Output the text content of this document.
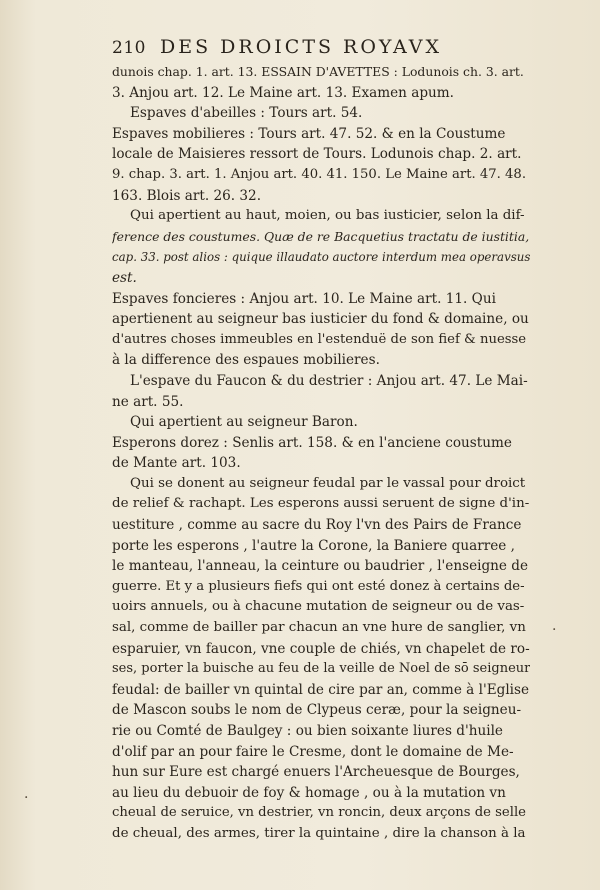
210 DES DROICTS ROYAVX
dunois chap. 1. art. 13. ESSAIN D'AVETTES : Lodunois ch. 3. art.
3. Anjou art. 12. Le Maine art. 13. Examen apum.
Espaves d'abeilles : Tours art. 54.
Espaves mobilieres : Tours art. 47. 52. & en la Coustume
locale de Maisieres ressort de Tours. Lodunois chap. 2. art.
9. chap. 3. art. 1. Anjou art. 40. 41. 150. Le Maine art. 47. 48.
163. Blois art. 26. 32.
Qui apertient au haut, moien, ou bas iusticier, selon la dif-
ference des coustumes. Quæ de re Bacquetius tractatu de iustitia,
cap. 33. post alios : quique illaudato auctore interdum mea operavsus
est.
Espaves foncieres : Anjou art. 10. Le Maine art. 11. Qui
apertienent au seigneur bas iusticier du fond & domaine, ou
d'autres choses immeubles en l'estenduë de son fief & nuesse
à la difference des espaues mobilieres.
L'espave du Faucon & du destrier : Anjou art. 47. Le Mai-
ne art. 55.
Qui apertient au seigneur Baron.
Esperons dorez : Senlis art. 158. & en l'anciene coustume
de Mante art. 103.
Qui se donent au seigneur feudal par le vassal pour droict
de relief & rachapt. Les esperons aussi seruent de signe d'in-
uestiture , comme au sacre du Roy l'vn des Pairs de France
porte les esperons , l'autre la Corone, la Baniere quarree ,
le manteau, l'anneau, la ceinture ou baudrier , l'enseigne de
guerre. Et y a plusieurs fiefs qui ont esté donez à certains de-
uoirs annuels, ou à chacune mutation de seigneur ou de vas-
sal, comme de bailler par chacun an vne hure de sanglier, vn
esparuier, vn faucon, vne couple de chiés, vn chapelet de ro-
ses, porter la buische au feu de la veille de Noel de sō seigneur
feudal: de bailler vn quintal de cire par an, comme à l'Eglise
de Mascon soubs le nom de Clypeus ceræ, pour la seigneu-
rie ou Comté de Baulgey : ou bien soixante liures d'huile
d'olif par an pour faire le Cresme, dont le domaine de Me-
hun sur Eure est chargé enuers l'Archeuesque de Bourges,
au lieu du debuoir de foy & homage , ou à la mutation vn
cheual de seruice, vn destrier, vn roncin, deux arçons de selle
de cheual, des armes, tirer la quintaine , dire la chanson à la
·
·
